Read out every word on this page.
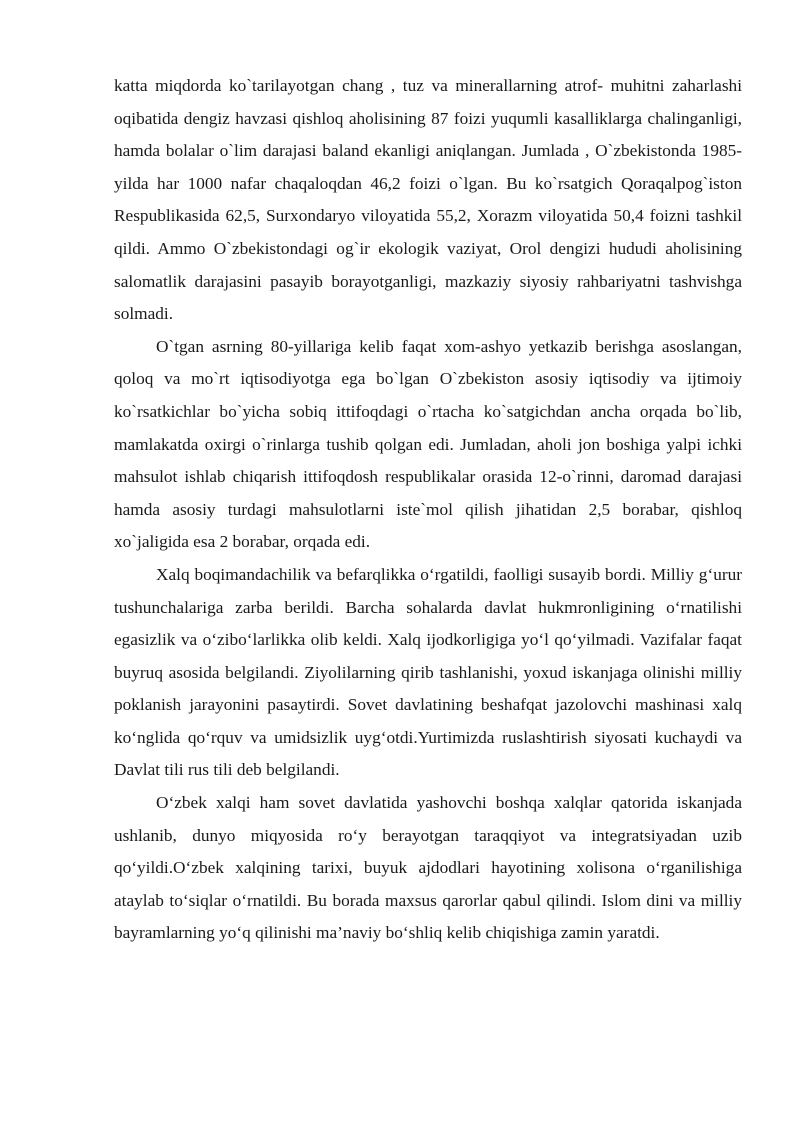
katta miqdorda ko`tarilayotgan chang , tuz va minerallarning atrof- muhitni zaharlashi oqibatida dengiz havzasi qishloq aholisining 87 foizi yuqumli kasalliklarga chalinganligi, hamda bolalar o`lim darajasi baland ekanligi aniqlangan. Jumlada , O`zbekistonda 1985-yilda har 1000 nafar chaqaloqdan 46,2 foizi o`lgan. Bu ko`rsatgich Qoraqalpog`iston Respublikasida 62,5, Surxondaryo viloyatida 55,2, Xorazm viloyatida 50,4 foizni tashkil qildi. Ammo O`zbekistondagi og`ir ekologik vaziyat, Orol dengizi hududi aholisining salomatlik darajasini pasayib borayotganligi, mazkaziy siyosiy rahbariyatni tashvishga solmadi.

O`tgan asrning 80-yillariga kelib faqat xom-ashyo yetkazib berishga asoslangan, qoloq va mo`rt iqtisodiyotga ega bo`lgan O`zbekiston asosiy iqtisodiy va ijtimoiy ko`rsatkichlar bo`yicha sobiq ittifoqdagi o`rtacha ko`satgichdan ancha orqada bo`lib, mamlakatda oxirgi o`rinlarga tushib qolgan edi. Jumladan, aholi jon boshiga yalpi ichki mahsulot ishlab chiqarish ittifoqdosh respublikalar orasida 12-o`rinni, daromad darajasi hamda asosiy turdagi mahsulotlarni iste`mol qilish jihatidan 2,5 borabar, qishloq xo`jaligida esa 2 borabar, orqada edi.

Xalq boqimandachilik va befarqlikka o‘rgatildi, faolligi susayib bordi. Milliy g‘urur tushunchalariga zarba berildi. Barcha sohalarda davlat hukmronligining o‘rnatilishi egasizlik va o‘zibo‘larlikka olib keldi. Xalq ijodkorligiga yo‘l qo‘yilmadi. Vazifalar faqat buyruq asosida belgilandi. Ziyolilarning qirib tashlanishi, yoxud iskanjaga olinishi milliy poklanish jarayonini pasaytirdi. Sovet davlatining beshafqat jazolovchi mashinasi xalq ko‘nglida qo‘rquv va umidsizlik uyg‘otdi.Yurtimizda ruslashtirish siyosati kuchaydi va Davlat tili rus tili deb belgilandi.

O‘zbek xalqi ham sovet davlatida yashovchi boshqa xalqlar qatorida iskanjada ushlanib, dunyo miqyosida ro‘y berayotgan taraqqiyot va integratsiyadan uzib qo‘yildi.O‘zbek xalqining tarixi, buyuk ajdodlari hayotining xolisona o‘rganilishiga ataylab to‘siqlar o‘rnatildi. Bu borada maxsus qarorlar qabul qilindi. Islom dini va milliy bayramlarning yo‘q qilinishi ma’naviy bo‘shliq kelib chiqishiga zamin yaratdi.
